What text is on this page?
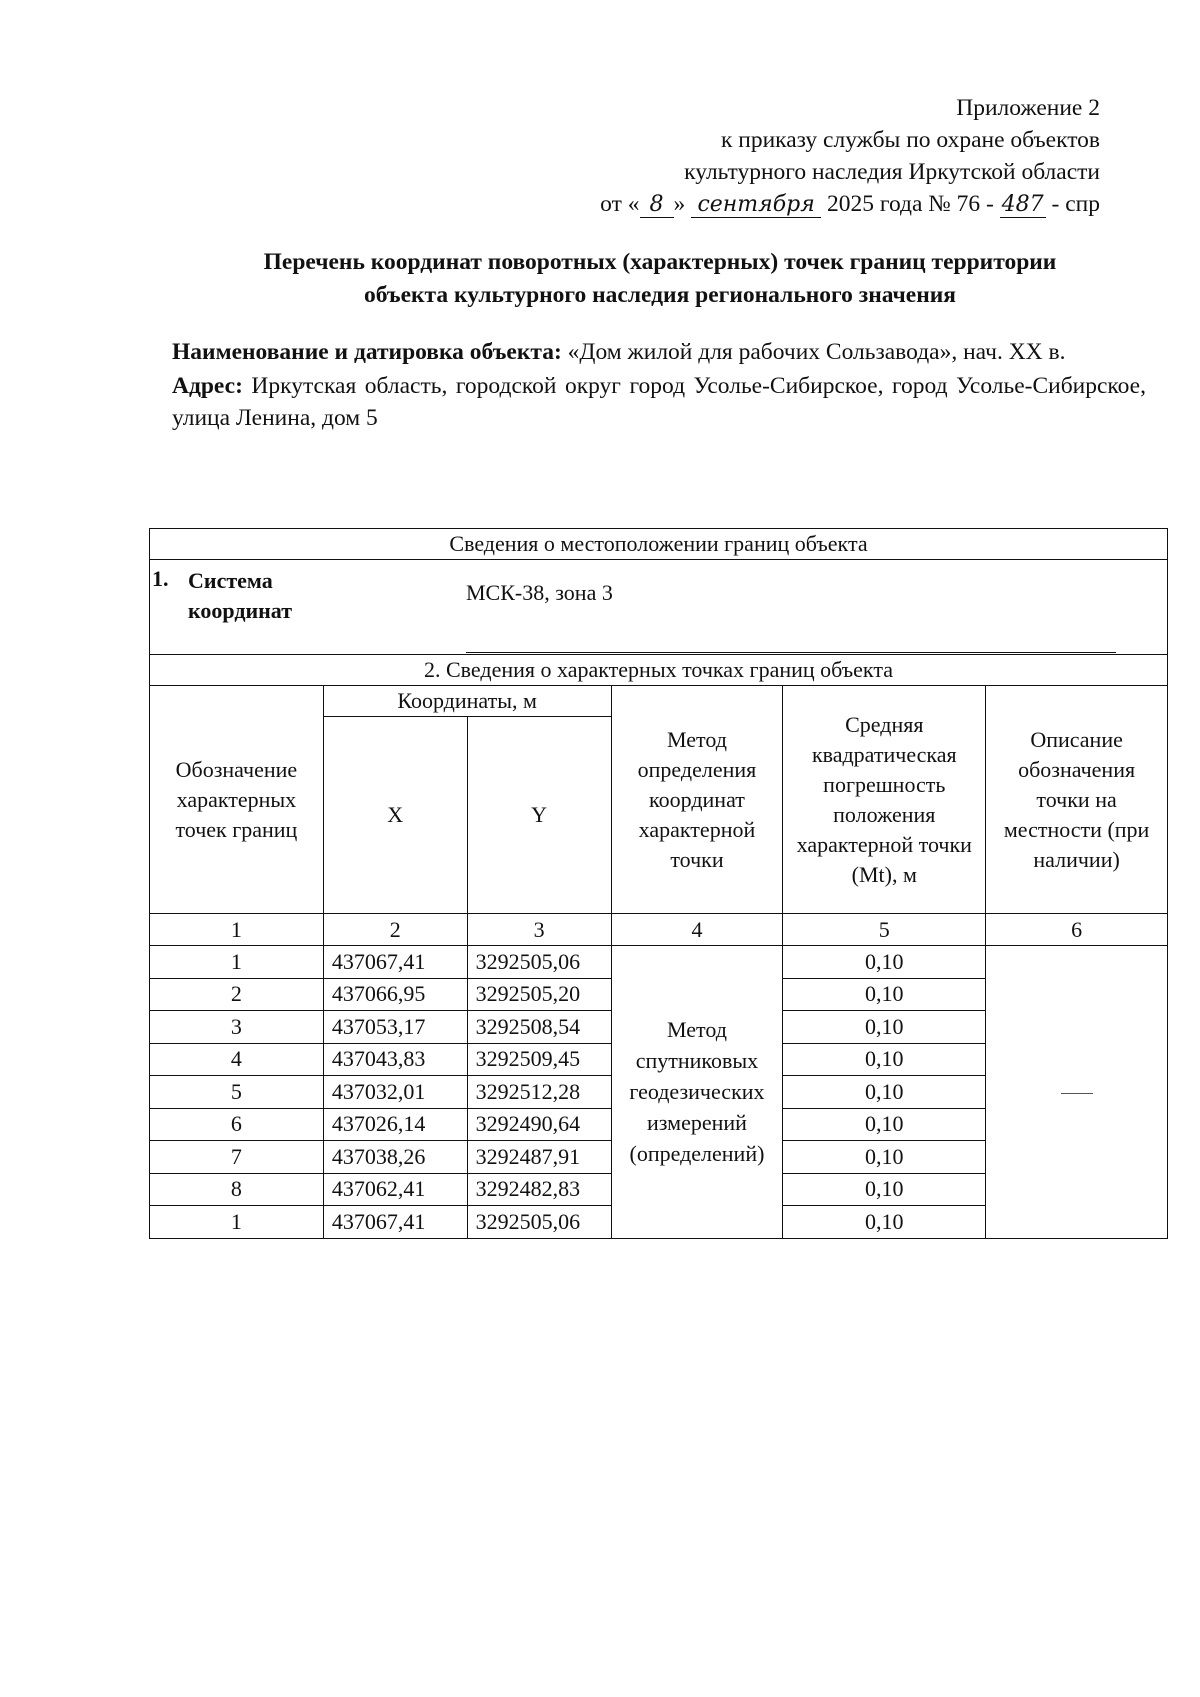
Приложение 2
к приказу службы по охране объектов
культурного наследия Иркутской области
от « 8 » сентября 2025 года № 76 - 487 - спр
Перечень координат поворотных (характерных) точек границ территории
объекта культурного наследия регионального значения

Наименование и датировка объекта: «Дом жилой для рабочих Сользавода», нач. XX в.

Адрес: Иркутская область, городской округ город Усолье-Сибирское, город Усолье-Сибирское, улица Ленина, дом 5

Сведения о местоположении границ объекта					

1. Система
координат
МСК-38, зона 3					

2. Сведения о характерных точках границ объекта					
Обозначение характерных точек границ	Координаты, м		Метод определения координат характерной точки	Средняя квадратическая погрешность положения характерной точки (Mt), м	Описание обозначения точки на местности (при наличии)
	X	Y			
1	2	3	4	5	6
1	437067,41	3292505,06	Метод спутниковых геодезических измерений (определений)	0,10	
2	437066,95	3292505,20		0,10	
3	437053,17	3292508,54		0,10	
4	437043,83	3292509,45		0,10	
5	437032,01	3292512,28		0,10	
6	437026,14	3292490,64		0,10	
7	437038,26	3292487,91		0,10	
8	437062,41	3292482,83		0,10	
1	437067,41	3292505,06		0,10	
